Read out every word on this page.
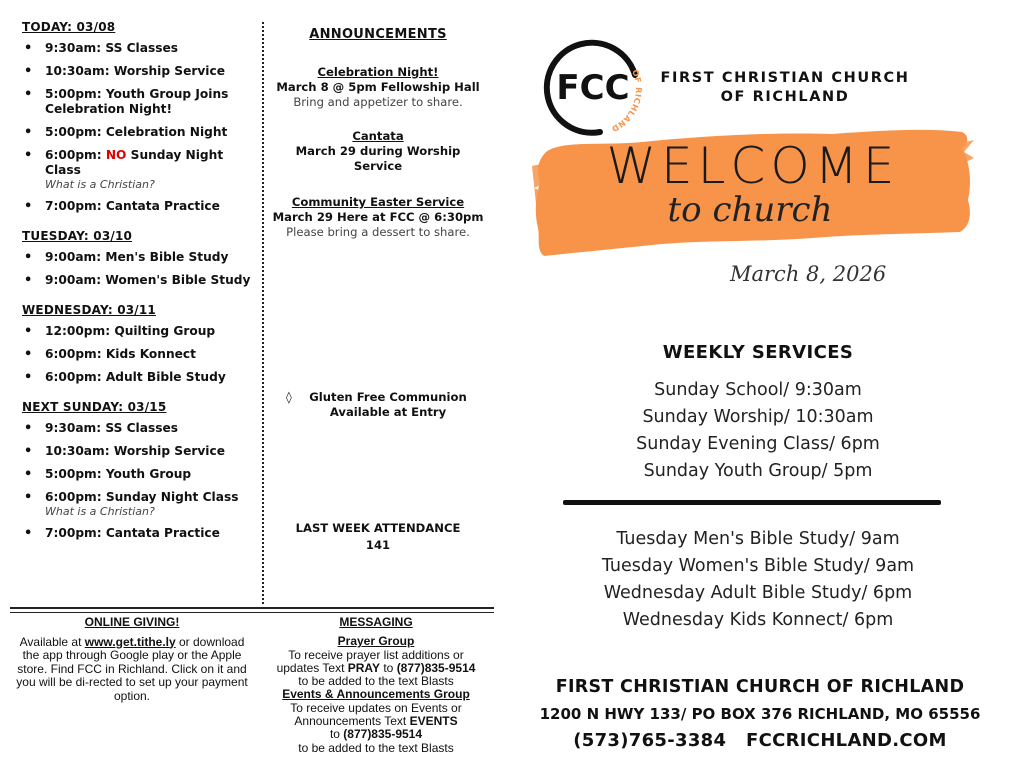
TODAY: 03/08
• 9:30am: SS Classes
• 10:30am: Worship Service
• 5:00pm: Youth Group Joins Celebration Night!
• 5:00pm: Celebration Night
• 6:00pm: NO Sunday Night Class
What is a Christian?
• 7:00pm: Cantata Practice
TUESDAY: 03/10
• 9:00am: Men's Bible Study
• 9:00am: Women's Bible Study
WEDNESDAY: 03/11
• 12:00pm: Quilting Group
• 6:00pm: Kids Konnect
• 6:00pm: Adult Bible Study
NEXT SUNDAY: 03/15
• 9:30am: SS Classes
• 10:30am: Worship Service
• 5:00pm: Youth Group
• 6:00pm: Sunday Night Class
What is a Christian?
• 7:00pm: Cantata Practice
ANNOUNCEMENTS
Celebration Night!
March 8 @ 5pm Fellowship Hall
Bring and appetizer to share.
Cantata
March 29 during Worship Service
Community Easter Service
March 29 Here at FCC @ 6:30pm
Please bring a dessert to share.
◊	Gluten Free Communion
Available at Entry
LAST WEEK ATTENDANCE
141
ONLINE GIVING!
Available at www.get.tithe.ly or download the app through Google play or the Apple store. Find FCC in Richland. Click on it and you will be di-rected to set up your payment option.
MESSAGING
Prayer Group
To receive prayer list additions or
updates Text PRAY to (877)835-9514
to be added to the text Blasts
Events & Announcements Group
To receive updates on Events or
Announcements Text EVENTS
to (877)835-9514
to be added to the text Blasts
FCC OF RICHLAND
FIRST CHRISTIAN CHURCH
OF RICHLAND
WELCOME
to church
March 8, 2026
WEEKLY SERVICES
Sunday School/ 9:30am
Sunday Worship/ 10:30am
Sunday Evening Class/ 6pm
Sunday Youth Group/ 5pm
Tuesday Men's Bible Study/ 9am
Tuesday Women's Bible Study/ 9am
Wednesday Adult Bible Study/ 6pm
Wednesday Kids Konnect/ 6pm
FIRST CHRISTIAN CHURCH OF RICHLAND
1200 N HWY 133/ PO BOX 376 RICHLAND, MO 65556
(573)765-3384 FCCRICHLAND.COM
